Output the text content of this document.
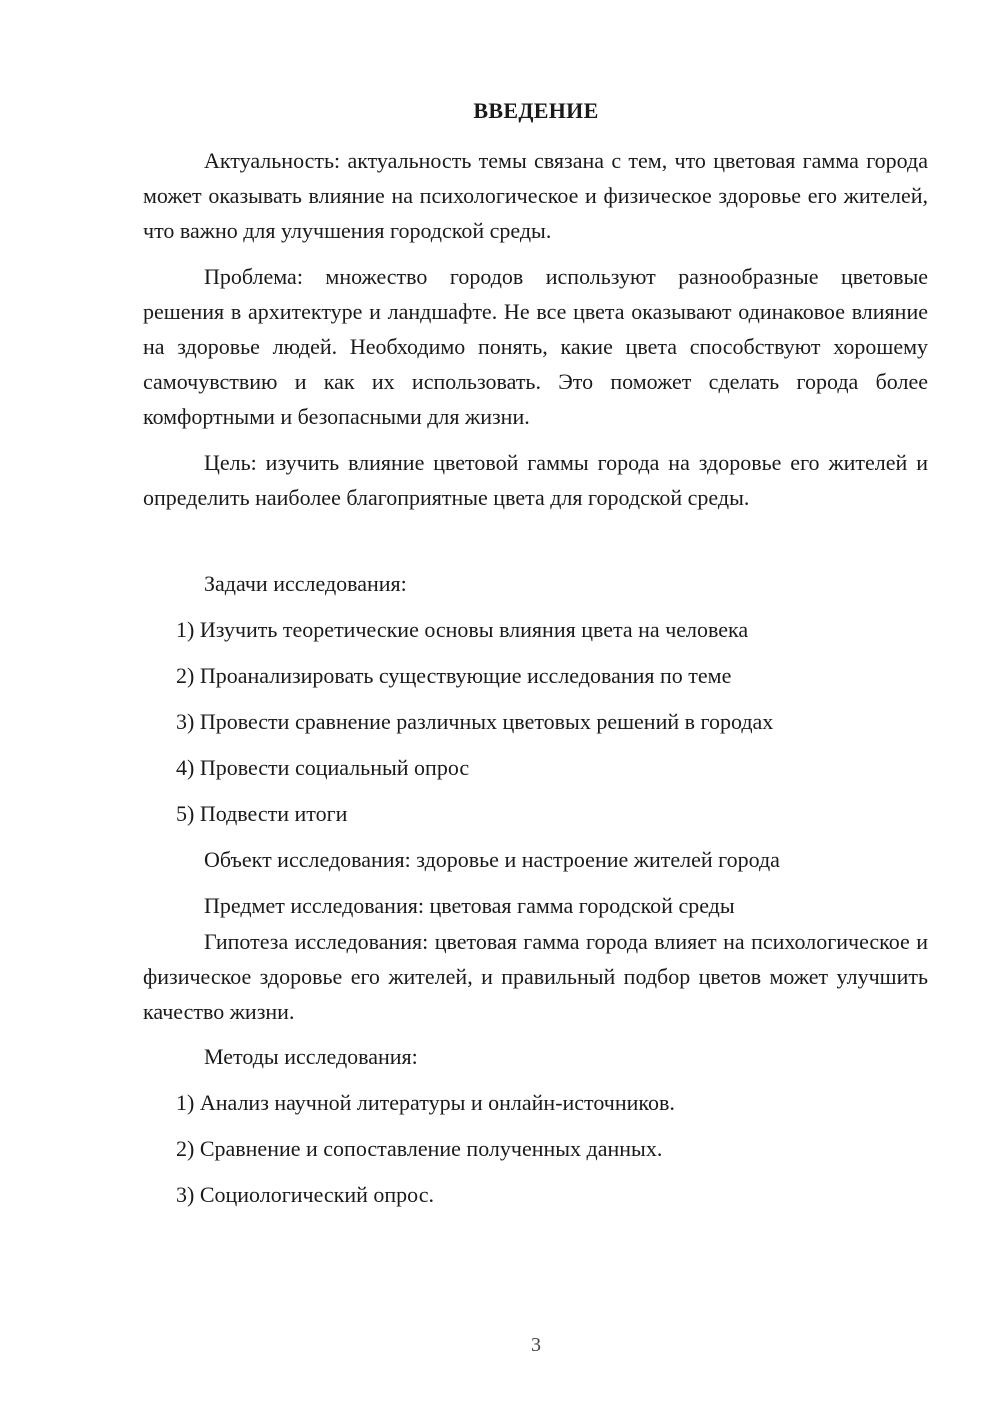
ВВЕДЕНИЕ

Актуальность: актуальность темы связана с тем, что цветовая гамма города может оказывать влияние на психологическое и физическое здоровье его жителей, что важно для улучшения городской среды.

Проблема: множество городов используют разнообразные цветовые решения в архитектуре и ландшафте. Не все цвета оказывают одинаковое влияние на здоровье людей. Необходимо понять, какие цвета способствуют хорошему самочувствию и как их использовать. Это поможет сделать города более комфортными и безопасными для жизни.

Цель: изучить влияние цветовой гаммы города на здоровье его жителей и определить наиболее благоприятные цвета для городской среды.

Задачи исследования:

1) Изучить теоретические основы влияния цвета на человека

2) Проанализировать существующие исследования по теме

3) Провести сравнение различных цветовых решений в городах

4) Провести социальный опрос

5) Подвести итоги

Объект исследования: здоровье и настроение жителей города

Предмет исследования: цветовая гамма городской среды

Гипотеза исследования: цветовая гамма города влияет на психологическое и физическое здоровье его жителей, и правильный подбор цветов может улучшить качество жизни.

Методы исследования:

1) Анализ научной литературы и онлайн-источников.

2) Сравнение и сопоставление полученных данных.

3) Социологический опрос.

3
